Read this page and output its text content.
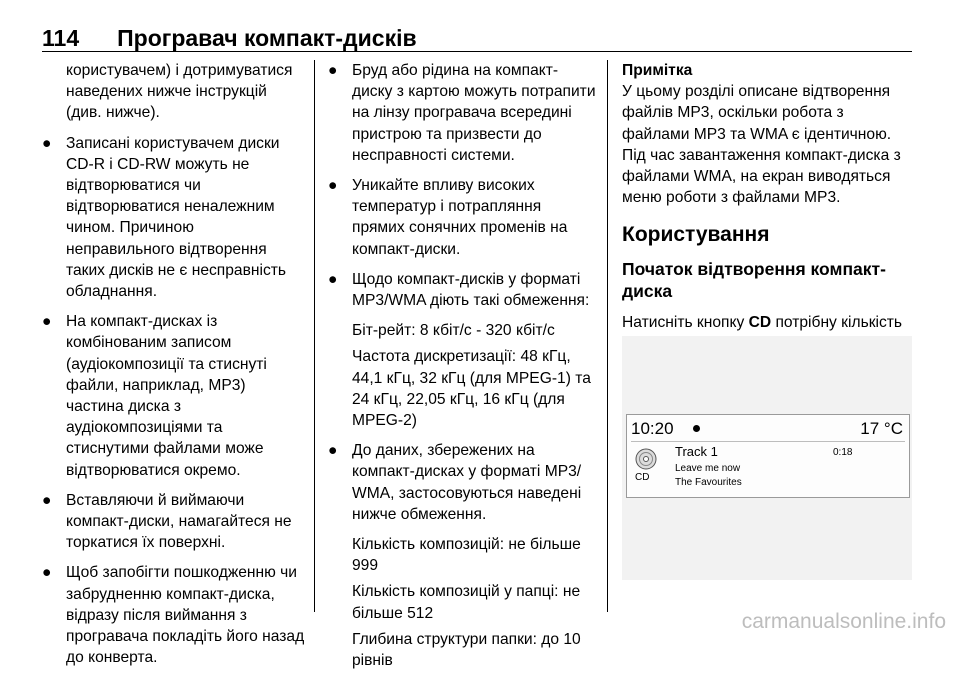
114 Програвач компакт-дисків

користувачем) і дотримуватися наведених нижче інструкцій (див. нижче).

● Записані користувачем диски CD-R і CD-RW можуть не відтворюватися чи відтворюватися неналежним чином. Причиною неправильного відтворення таких дисків не є несправність обладнання.
● На компакт-дисках із комбінованим записом (аудіокомпозиції та стиснуті файли, наприклад, MP3) частина диска з аудіокомпозиціями та стиснутими файлами може відтворюватися окремо.
● Вставляючи й виймаючи компакт-диски, намагайтеся не торкатися їх поверхні.
● Щоб запобігти пошкодженню чи забрудненню компакт-диска, відразу після виймання з програвача покладіть його назад до конверта.
● Бруд або рідина на компакт-диску з картою можуть потрапити на лінзу програвача всередині пристрою та призвести до несправності системи.
● Уникайте впливу високих температур і потрапляння прямих сонячних променів на компакт-диски.
● Щодо компакт-дисків у форматі MP3/WMA діють такі обмеження:

Біт-рейт: 8 кбіт/с - 320 кбіт/с

Частота дискретизації: 48 кГц, 44,1 кГц, 32 кГц (для MPEG-1) та 24 кГц, 22,05 кГц, 16 кГц (для MPEG-2)

● До даних, збережених на компакт-дисках у форматі MP3/ WMA, застосовуються наведені нижче обмеження.

Кількість композицій: не більше 999

Кількість композицій у папці: не більше 512

Глибина структури папки: до 10 рівнів

Примітка

У цьому розділі описане відтворення файлів MP3, оскільки робота з файлами MP3 та WMA є ідентичною. Під час завантаження компакт-диска з файлами WMA, на екран виводяться меню роботи з файлами MP3.

Користування
Початок відтворення компакт-диска

Натисніть кнопку CD потрібну кількість

10:20	17 °C
CD
Track 1	0:18
Leave me now
The Favourites
carmanualsonline.info
